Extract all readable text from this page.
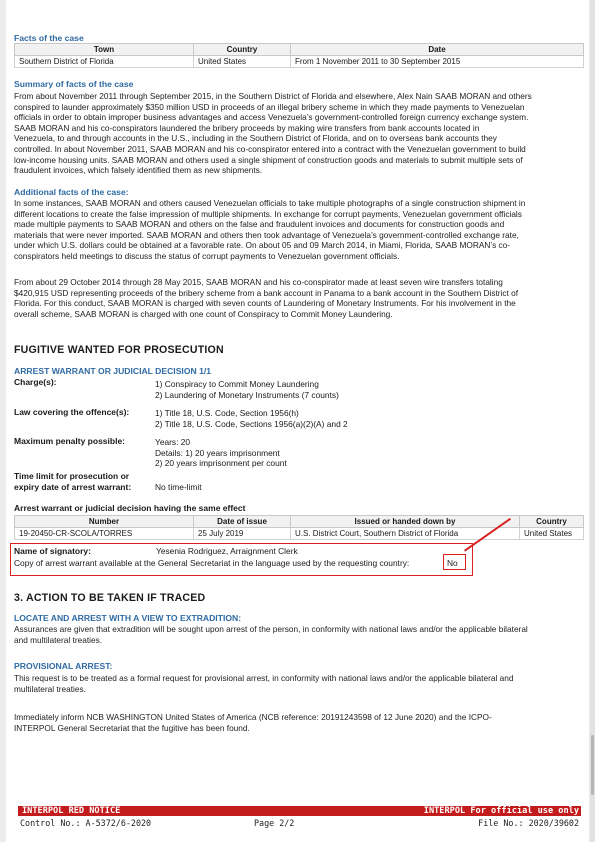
Facts of the case
Town	Country	Date
Southern District of Florida	United States	From 1 November 2011 to 30 September 2015
Summary of facts of the case
From about November 2011 through September 2015, in the Southern District of Florida and elsewhere, Alex Nain SAAB MORAN and others
conspired to launder approximately $350 million USD in proceeds of an illegal bribery scheme in which they made payments to Venezuelan
officials in order to obtain improper business advantages and access Venezuela’s government-controlled foreign currency exchange system.
SAAB MORAN and his co-conspirators laundered the bribery proceeds by making wire transfers from bank accounts located in
Venezuela, to and through accounts in the U.S., including in the Southern District of Florida, and on to overseas bank accounts they
controlled. In about November 2011, SAAB MORAN and his co-conspirator entered into a contract with the Venezuelan government to build
low-income housing units. SAAB MORAN and others used a single shipment of construction goods and materials to submit multiple sets of
fraudulent invoices, which falsely identified them as new shipments.
Additional facts of the case:
In some instances, SAAB MORAN and others caused Venezuelan officials to take multiple photographs of a single construction shipment in
different locations to create the false impression of multiple shipments. In exchange for corrupt payments, Venezuelan government officials
made multiple payments to SAAB MORAN and others on the false and fraudulent invoices and documents for construction goods and
materials that were never imported. SAAB MORAN and others then took advantage of Venezuela’s government-controlled exchange rate,
under which U.S. dollars could be obtained at a favorable rate. On about 05 and 09 March 2014, in Miami, Florida, SAAB MORAN’s co-
conspirators held meetings to discuss the status of corrupt payments to Venezuelan government officials.
From about 29 October 2014 through 28 May 2015, SAAB MORAN and his co-conspirator made at least seven wire transfers totaling
$420,915 USD representing proceeds of the bribery scheme from a bank account in Panama to a bank account in the Southern District of
Florida. For this conduct, SAAB MORAN is charged with seven counts of Laundering of Monetary Instruments. For his involvement in the
overall scheme, SAAB MORAN is charged with one count of Conspiracy to Commit Money Laundering.
FUGITIVE WANTED FOR PROSECUTION
ARREST WARRANT OR JUDICIAL DECISION 1/1
Charge(s):	1) Conspiracy to Commit Money Laundering
2) Laundering of Monetary Instruments (7 counts)
Law covering the offence(s):	1) Title 18, U.S. Code, Section 1956(h)
2) Title 18, U.S. Code, Sections 1956(a)(2)(A) and 2
Maximum penalty possible:	Years: 20
Details: 1) 20 years imprisonment
2) 20 years imprisonment per count
Time limit for prosecution or
expiry date of arrest warrant:	No time-limit
Arrest warrant or judicial decision having the same effect
Number	Date of issue	Issued or handed down by	Country
19-20450-CR-SCOLA/TORRES	25 July 2019	U.S. District Court, Southern District of Florida	United States
Name of signatory:	Yesenia Rodriguez, Arraignment Clerk
Copy of arrest warrant available at the General Secretariat in the language used by the requesting country:	No
3. ACTION TO BE TAKEN IF TRACED
LOCATE AND ARREST WITH A VIEW TO EXTRADITION:
Assurances are given that extradition will be sought upon arrest of the person, in conformity with national laws and/or the applicable bilateral
and multilateral treaties.
PROVISIONAL ARREST:
This request is to be treated as a formal request for provisional arrest, in conformity with national laws and/or the applicable bilateral and
multilateral treaties.
Immediately inform NCB WASHINGTON United States of America (NCB reference: 20191243598 of 12 June 2020) and the ICPO-
INTERPOL General Secretariat that the fugitive has been found.
INTERPOL RED NOTICE	INTERPOL For official use only
Control No.: A-5372/6-2020	Page 2/2	File No.: 2020/39602
